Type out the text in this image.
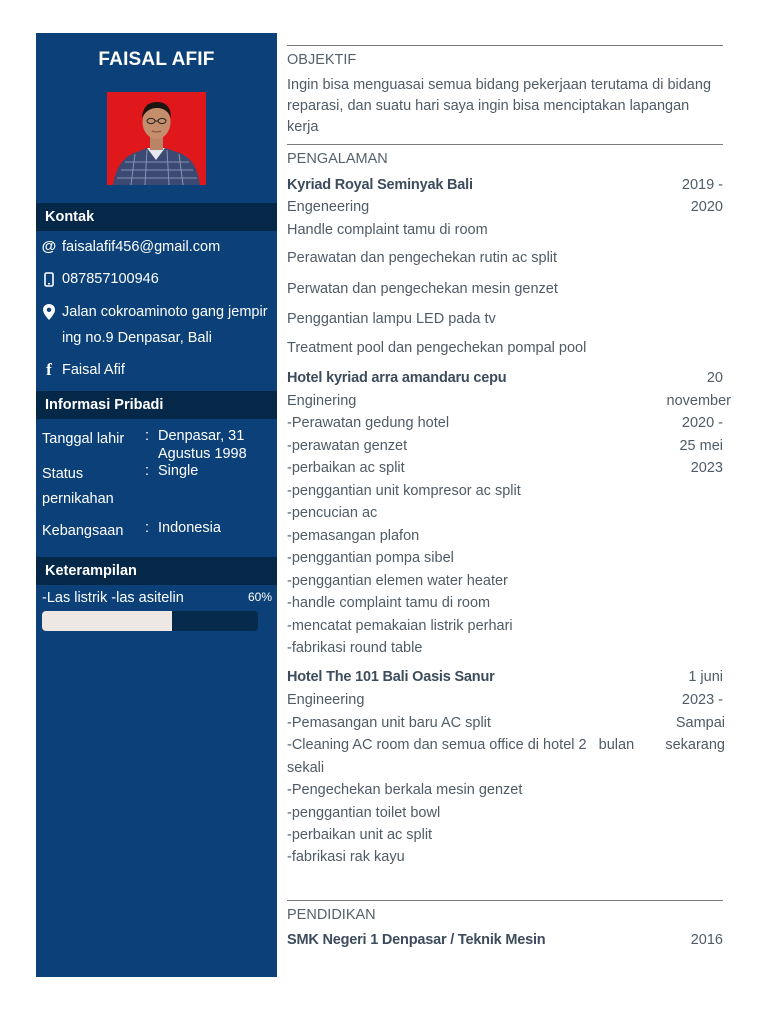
FAISAL AFIF
Kontak
@ faisalafif456@gmail.com
087857100946
Jalan cokroaminoto gang jempir
ing no.9 Denpasar, Bali
f Faisal Afif
Informasi Pribadi
Tanggal lahir	: Denpasar, 31
Agustus 1998
Status
pernikahan
: Single
Kebangsaan	: Indonesia
Keterampilan
-Las listrik -las asitelin	60%
OBJEKTIF
Ingin bisa menguasai semua bidang pekerjaan terutama di bidang
reparasi, dan suatu hari saya ingin bisa menciptakan lapangan
kerja
PENGALAMAN
Kyriad Royal Seminyak Bali	2019 -
2020
Engeneering
Handle complaint tamu di room
Perawatan dan pengechekan rutin ac split
Perwatan dan pengechekan mesin genzet
Penggantian lampu LED pada tv
Treatment pool dan pengechekan pompal pool
Hotel kyriad arra amandaru cepu	20
november
2020 -
25 mei
2023
Enginering
-Perawatan gedung hotel
-perawatan genzet
-perbaikan ac split
-penggantian unit kompresor ac split
-pencucian ac
-pemasangan plafon
-penggantian pompa sibel
-penggantian elemen water heater
-handle complaint tamu di room
-mencatat pemakaian listrik perhari
-fabrikasi round table
Hotel The 101 Bali Oasis Sanur	1 juni
2023 -
Sampai
sekarang
Engineering
-Pemasangan unit baru AC split
-Cleaning AC room dan semua office di hotel 2   bulan
sekali
-Pengechekan berkala mesin genzet
-penggantian toilet bowl
-perbaikan unit ac split
-fabrikasi rak kayu
PENDIDIKAN
SMK Negeri 1 Denpasar / Teknik Mesin	2016
